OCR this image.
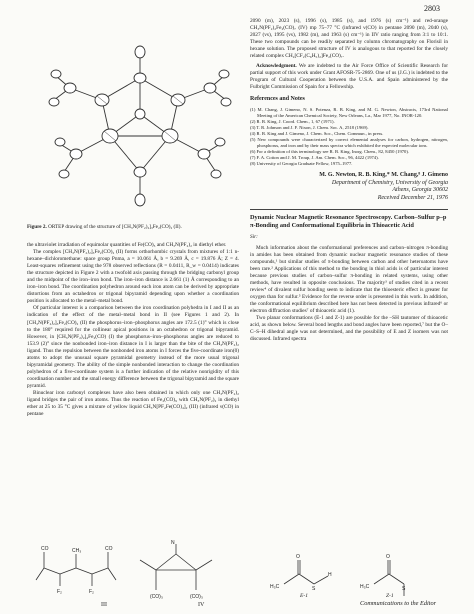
2803
Figure 2. ORTEP drawing of the structure of [CH₃N(PF₂)₂]₃Fe₂(CO)₂ (II).

the ultraviolet irradiation of equimolar quantities of Fe(CO)₅ and CH₃N(PF₂)₂ in diethyl ether.

The complex [CH₃N(PF₂)₂]₃Fe₂(CO)₂ (II) forms orthorhombic crystals from mixtures of 1:1 n-hexane–dichloromethane: space group Pnma, a = 10.061 Å, b = 9.269 Å, c = 19.876 Å; Z = 4. Least-squares refinement using the 978 observed reflections (R = 0.0411, R_w = 0.0414) indicates the structure depicted in Figure 2 with a twofold axis passing through the bridging carbonyl group and the midpoint of the iron–iron bond. The iron–iron distance is 2.661 (1) Å corresponding to an iron–iron bond. The coordination polyhedron around each iron atom can be derived by appropriate distortions from an octahedron or trigonal bipyramid depending upon whether a coordination position is allocated to the metal–metal bond.

Of particular interest is a comparison between the iron coordination polyhedra in I and II as an indication of the effect of the metal–metal bond in II (see Figures 1 and 2). In [CH₃N(PF₂)₂]₃Fe₂(CO)₂ (II) the phosphorus–iron–phosphorus angles are 172.5 (1)° which is close to the 180° required for the collinear apical positions in an octahedron or trigonal bipyramid. However, in [CH₃N(PF₂)₂]₄Fe₂(CO) (I) the phosphorus–iron–phosphorus angles are reduced to 153.9 (2)° since the nonbonded iron–iron distance in I is larger than the bite of the CH₃N(PF₂)₂ ligand. Thus the repulsion between the nonbonded iron atoms in I forces the five-coordinate iron(0) atoms to adopt the unusual square pyramidal geometry instead of the more usual trigonal bipyramidal geometry. The ability of the simple nonbonded interaction to change the coordination polyhedron of a five-coordinate system is a further indication of the relative nonrigidity of this coordination number and the small energy difference between the trigonal bipyramid and the square pyramid.

Binuclear iron carbonyl complexes have also been obtained in which only one CH₃N(PF₂)₂ ligand bridges the pair of iron atoms. Thus the reaction of Fe₂(CO)₉ with CH₃N(PF₂)₂ in diethyl ether at 25 to 35 °C gives a mixture of yellow liquid CH₃N[PF₂Fe(CO)₄]₂ (III) (infrared ν(CO) in pentane

CO	CO
CH₃
F₂	F₂
(CO)₃	(CO)₃
N
III	IV

2090 (m), 2023 (s), 1996 (s), 1985 (s), and 1976 (s) cm⁻¹) and red-orange CH₃N(PF₂)₂Fe₂(CO)₇ (IV) mp 75–77 °C (infrared ν(CO) in pentane 2090 (m), 2040 (s), 2027 (vs), 1995 (vs), 1982 (m), and 1963 (s) cm⁻¹) in IIV ratio ranging from 3:1 to 10:1. These two compounds can be readily separated by column chromatography on Florisil in hexane solution. The proposed structure of IV is analogous to that reported for the closely related complex CH₂[CF₂(C₆H₅)₂]Fe₂(CO)₇.

Acknowledgment. We are indebted to the Air Force Office of Scientific Research for partial support of this work under Grant AFOSR-75-2869. One of us (J.G.) is indebted to the Program of Cultural Cooperation between the U.S.A. and Spain administered by the Fulbright Commission of Spain for a Fellowship.

References and Notes
(1) M. Chang, J. Gimeno, N. S. Potenza, R. B. King, and M. G. Newton, Abstracts, 173rd National Meeting of the American Chemical Society, New Orleans, La., Mar 1977, No. INOR-120.
(2) R. B. King, J. Coord. Chem., 1, 67 (1971).
(3) T. R. Johnson and J. F. Nixon, J. Chem. Soc. A, 2518 (1969).
(4) R. B. King and J. Gimeno, J. Chem. Soc., Chem. Commun., in press.
(5) New compounds were characterized by correct elemental analyses for carbon, hydrogen, nitrogen, phosphorus, and iron and by their mass spectra which exhibited the expected molecular ions.
(6) For a definition of this terminology see R. B. King, Inorg. Chem., 82, 8450 (1970).
(7) F. A. Cotton and J. M. Troup, J. Am. Chem. Soc., 96, 4422 (1974).
(8) University of Georgia Graduate Fellow, 1975–1977.
M. G. Newton, R. B. King,* M. Chang,⁸ J. Gimeno
Department of Chemistry, University of Georgia
Athens, Georgia 30602
Received December 21, 1976
Dynamic Nuclear Magnetic Resonance Spectroscopy. Carbon–Sulfur p–p π-Bonding and Conformational Equilibria in Thioacetic Acid
Sir:

Much information about the conformational preferences and carbon–nitrogen π-bonding in amides has been obtained from dynamic nuclear magnetic resonance studies of these compounds,¹ but similar studies of π-bonding between carbon and other heteroatoms have been rare.² Applications of this method to the bonding in thiol acids is of particular interest because previous studies of carbon–sulfur π-bonding in related systems, using other methods, have resulted in opposite conclusions. The majority³ of studies cited in a recent review⁴ of divalent sulfur bonding seem to indicate that the thioesteric effect is greater for oxygen than for sulfur.⁵ Evidence for the reverse order is presented in this work. In addition, the conformational equilibrium described here has not been detected in previous infrared⁶ or electron diffraction studies⁷ of thioacetic acid (1).

Two planar conformations (E-1 and Z-1) are possible for the –SH tautomer of thioacetic acid, as shown below. Several bond lengths and bond angles have been reported,⁷ but the O–C–S–H dihedral angle was not determined, and the possibility of E and Z isomers was not discussed. Infrared spectra

O
H₃C	S
H
O
H₃C	S
E-1	Z-1
Communications to the Editor
